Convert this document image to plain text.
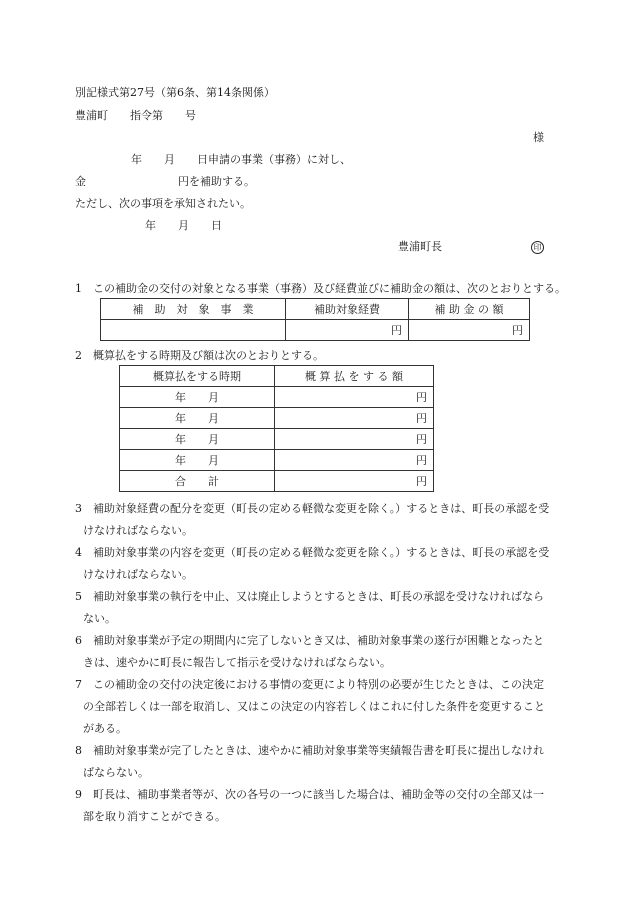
別記様式第27号（第6条、第14条関係）
豊浦町　　指令第　　号
様
年　　月　　日申請の事業（事務）に対し、
金	円を補助する。
ただし、次の事項を承知されたい。
年　　月　　日
豊浦町長	印
1　この補助金の交付の対象となる事業（事務）及び経費並びに補助金の額は、次のとおりとする。
補　助　対　象　事　業	補助対象経費	補 助 金 の 額
	円	円
2　概算払をする時期及び額は次のとおりとする。
概算払をする時期	概 算 払 を す る 額
年　　月	円
年　　月	円
年　　月	円
年　　月	円
合　　計	円
3　補助対象経費の配分を変更（町長の定める軽微な変更を除く。）するときは、町長の承認を受
けなければならない。
4　補助対象事業の内容を変更（町長の定める軽微な変更を除く。）するときは、町長の承認を受
けなければならない。
5　補助対象事業の執行を中止、又は廃止しようとするときは、町長の承認を受けなければなら
ない。
6　補助対象事業が予定の期間内に完了しないとき又は、補助対象事業の遂行が困難となったと
きは、速やかに町長に報告して指示を受けなければならない。
7　この補助金の交付の決定後における事情の変更により特別の必要が生じたときは、この決定
の全部若しくは一部を取消し、又はこの決定の内容若しくはこれに付した条件を変更すること
がある。
8　補助対象事業が完了したときは、速やかに補助対象事業等実績報告書を町長に提出しなけれ
ばならない。
9　町長は、補助事業者等が、次の各号の一つに該当した場合は、補助金等の交付の全部又は一
部を取り消すことができる。
